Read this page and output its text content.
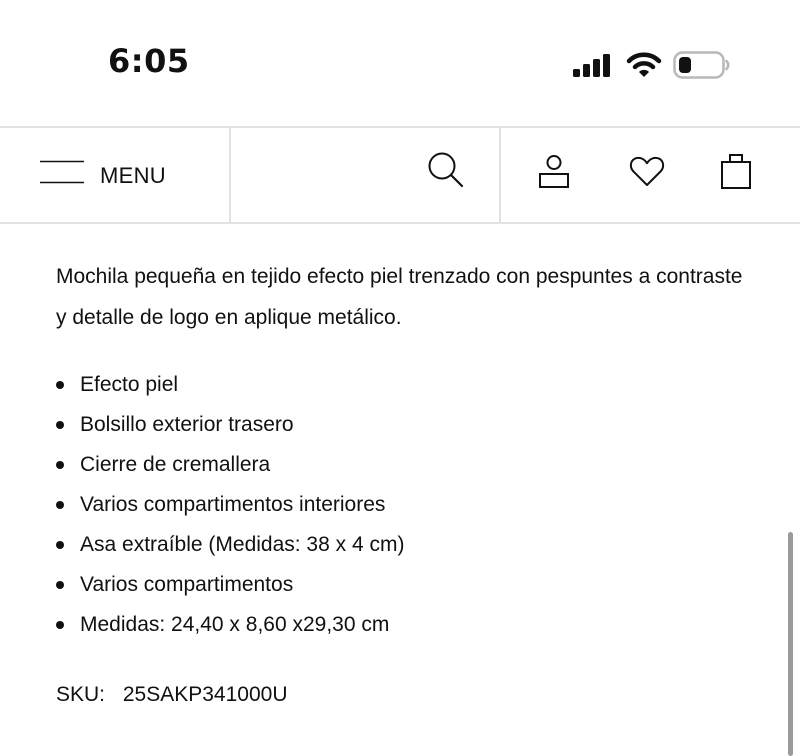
6:05
MENU

Mochila pequeña en tejido efecto piel trenzado con pespuntes a contraste y detalle de logo en aplique metálico.

Efecto piel
Bolsillo exterior trasero
Cierre de cremallera
Varios compartimentos interiores
Asa extraíble (Medidas: 38 x 4 cm)
Varios compartimentos
Medidas: 24,40 x 8,60 x29,30 cm
SKU: 25SAKP341000U
